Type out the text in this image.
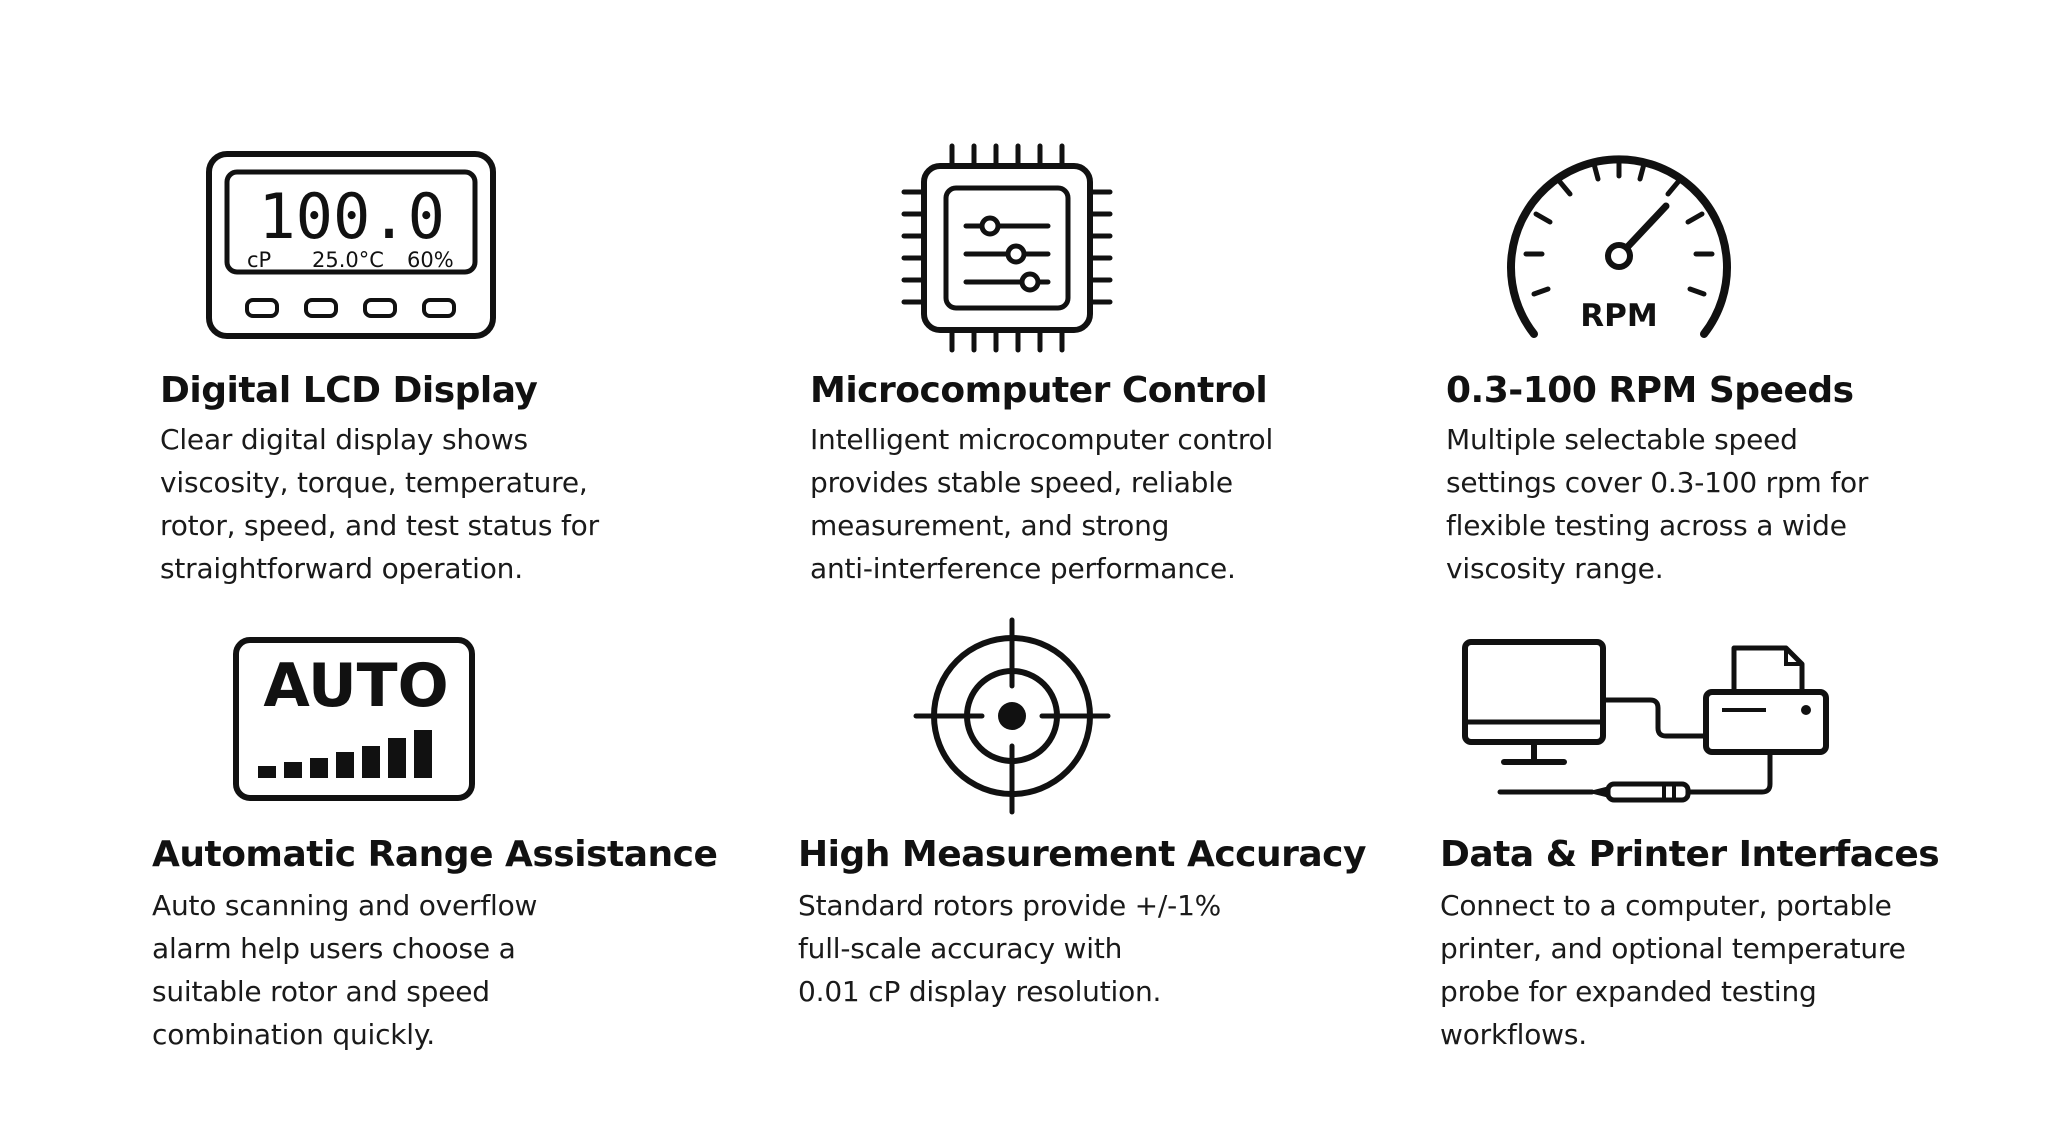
100.0
cP 25.0°C 60%
Digital LCD Display

Clear digital display shows
viscosity, torque, temperature,
rotor, speed, and test status for
straightforward operation.

Microcomputer Control

Intelligent microcomputer control
provides stable speed, reliable
measurement, and strong
anti-interference performance.

RPM
0.3-100 RPM Speeds

Multiple selectable speed
settings cover 0.3-100 rpm for
flexible testing across a wide
viscosity range.

AUTO
Automatic Range Assistance

Auto scanning and overflow
alarm help users choose a
suitable rotor and speed
combination quickly.

High Measurement Accuracy

Standard rotors provide +/-1%
full-scale accuracy with
0.01 cP display resolution.

Data & Printer Interfaces

Connect to a computer, portable
printer, and optional temperature
probe for expanded testing
workflows.
